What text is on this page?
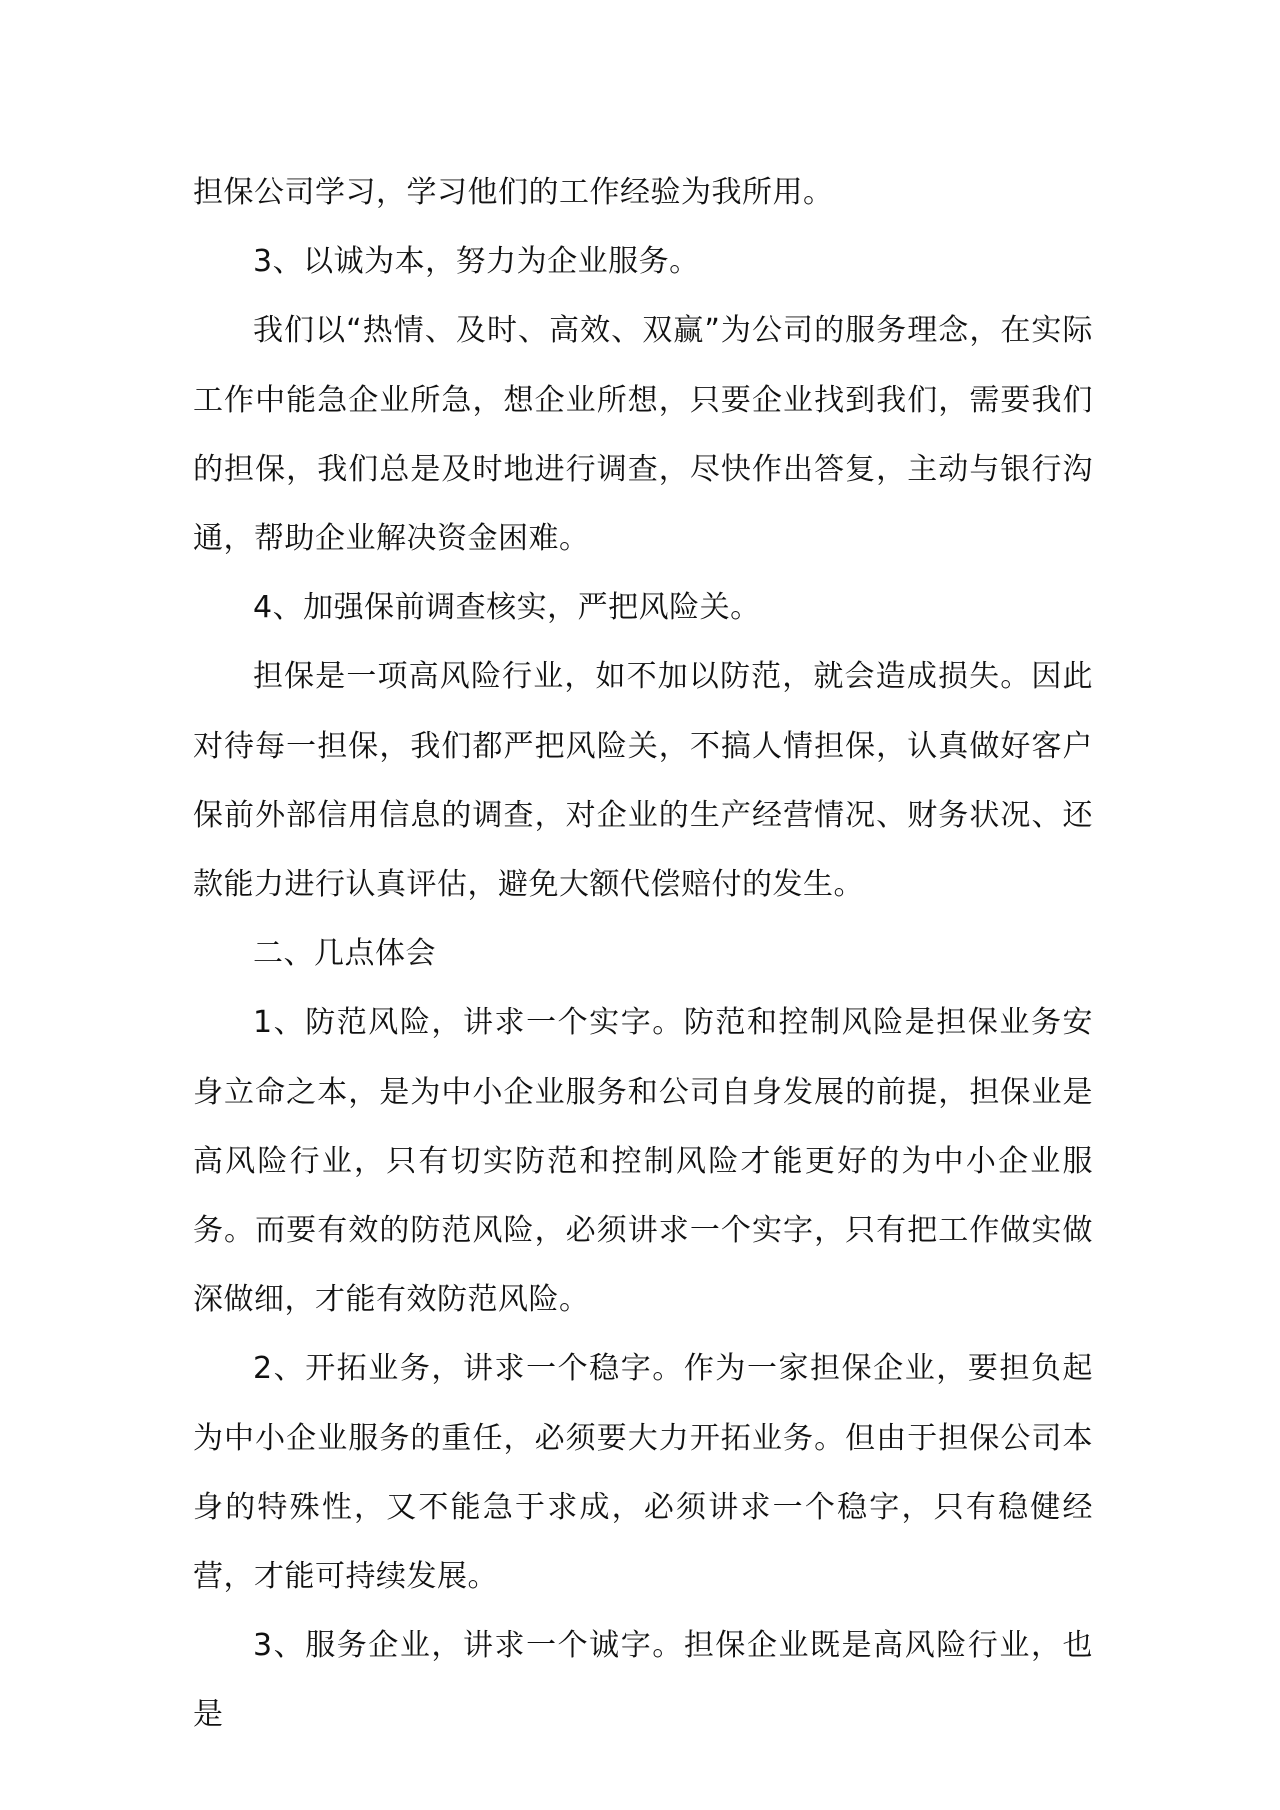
担保公司学习，学习他们的工作经验为我所用。

3、以诚为本，努力为企业服务。

我们以“热情、及时、高效、双赢”为公司的服务理念，在实际工作中能急企业所急，想企业所想，只要企业找到我们，需要我们的担保，我们总是及时地进行调查，尽快作出答复，主动与银行沟通，帮助企业解决资金困难。

4、加强保前调查核实，严把风险关。

担保是一项高风险行业，如不加以防范，就会造成损失。因此对待每一担保，我们都严把风险关，不搞人情担保，认真做好客户保前外部信用信息的调查，对企业的生产经营情况、财务状况、还款能力进行认真评估，避免大额代偿赔付的发生。

二、几点体会

1、防范风险，讲求一个实字。防范和控制风险是担保业务安身立命之本，是为中小企业服务和公司自身发展的前提，担保业是高风险行业，只有切实防范和控制风险才能更好的为中小企业服务。而要有效的防范风险，必须讲求一个实字，只有把工作做实做深做细，才能有效防范风险。

2、开拓业务，讲求一个稳字。作为一家担保企业，要担负起为中小企业服务的重任，必须要大力开拓业务。但由于担保公司本身的特殊性，又不能急于求成，必须讲求一个稳字，只有稳健经营，才能可持续发展。

3、服务企业，讲求一个诚字。担保企业既是高风险行业，也是
